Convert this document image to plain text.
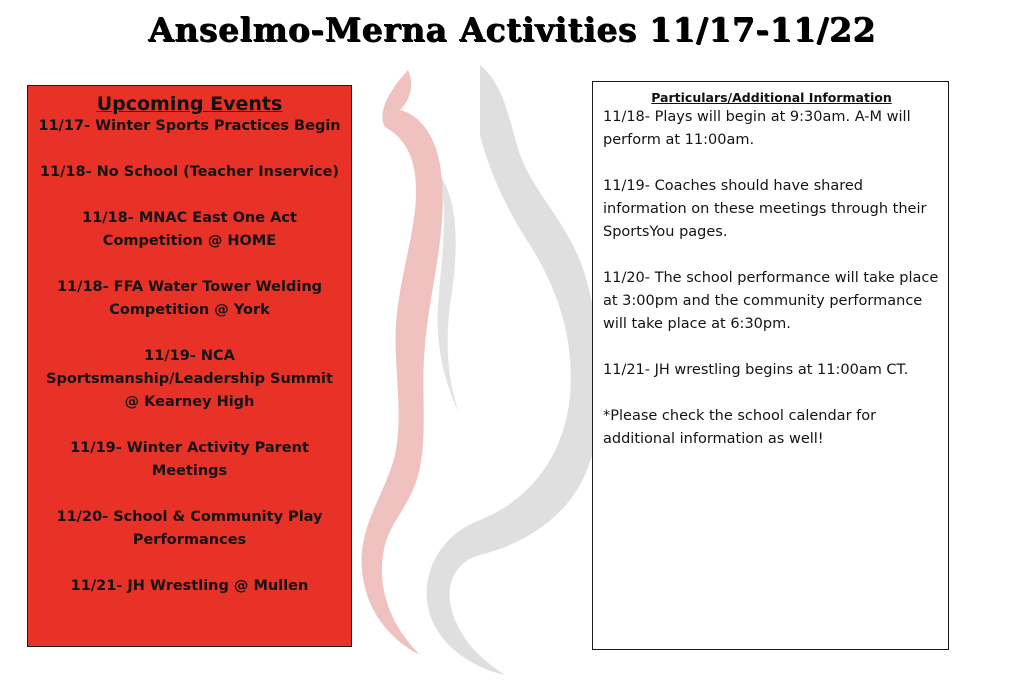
Anselmo-Merna Activities 11/17-11/22
Upcoming Events
11/17- Winter Sports Practices Begin
11/18- No School (Teacher Inservice)
11/18- MNAC East One Act Competition @ HOME
11/18- FFA Water Tower Welding Competition @ York
11/19- NCA Sportsmanship/Leadership Summit @ Kearney High
11/19- Winter Activity Parent Meetings
11/20- School & Community Play Performances
11/21- JH Wrestling @ Mullen
Particulars/Additional Information
11/18- Plays will begin at 9:30am. A-M will perform at 11:00am.
11/19- Coaches should have shared information on these meetings through their SportsYou pages.
11/20- The school performance will take place at 3:00pm and the community performance will take place at 6:30pm.
11/21- JH wrestling begins at 11:00am CT.
*Please check the school calendar for additional information as well!
